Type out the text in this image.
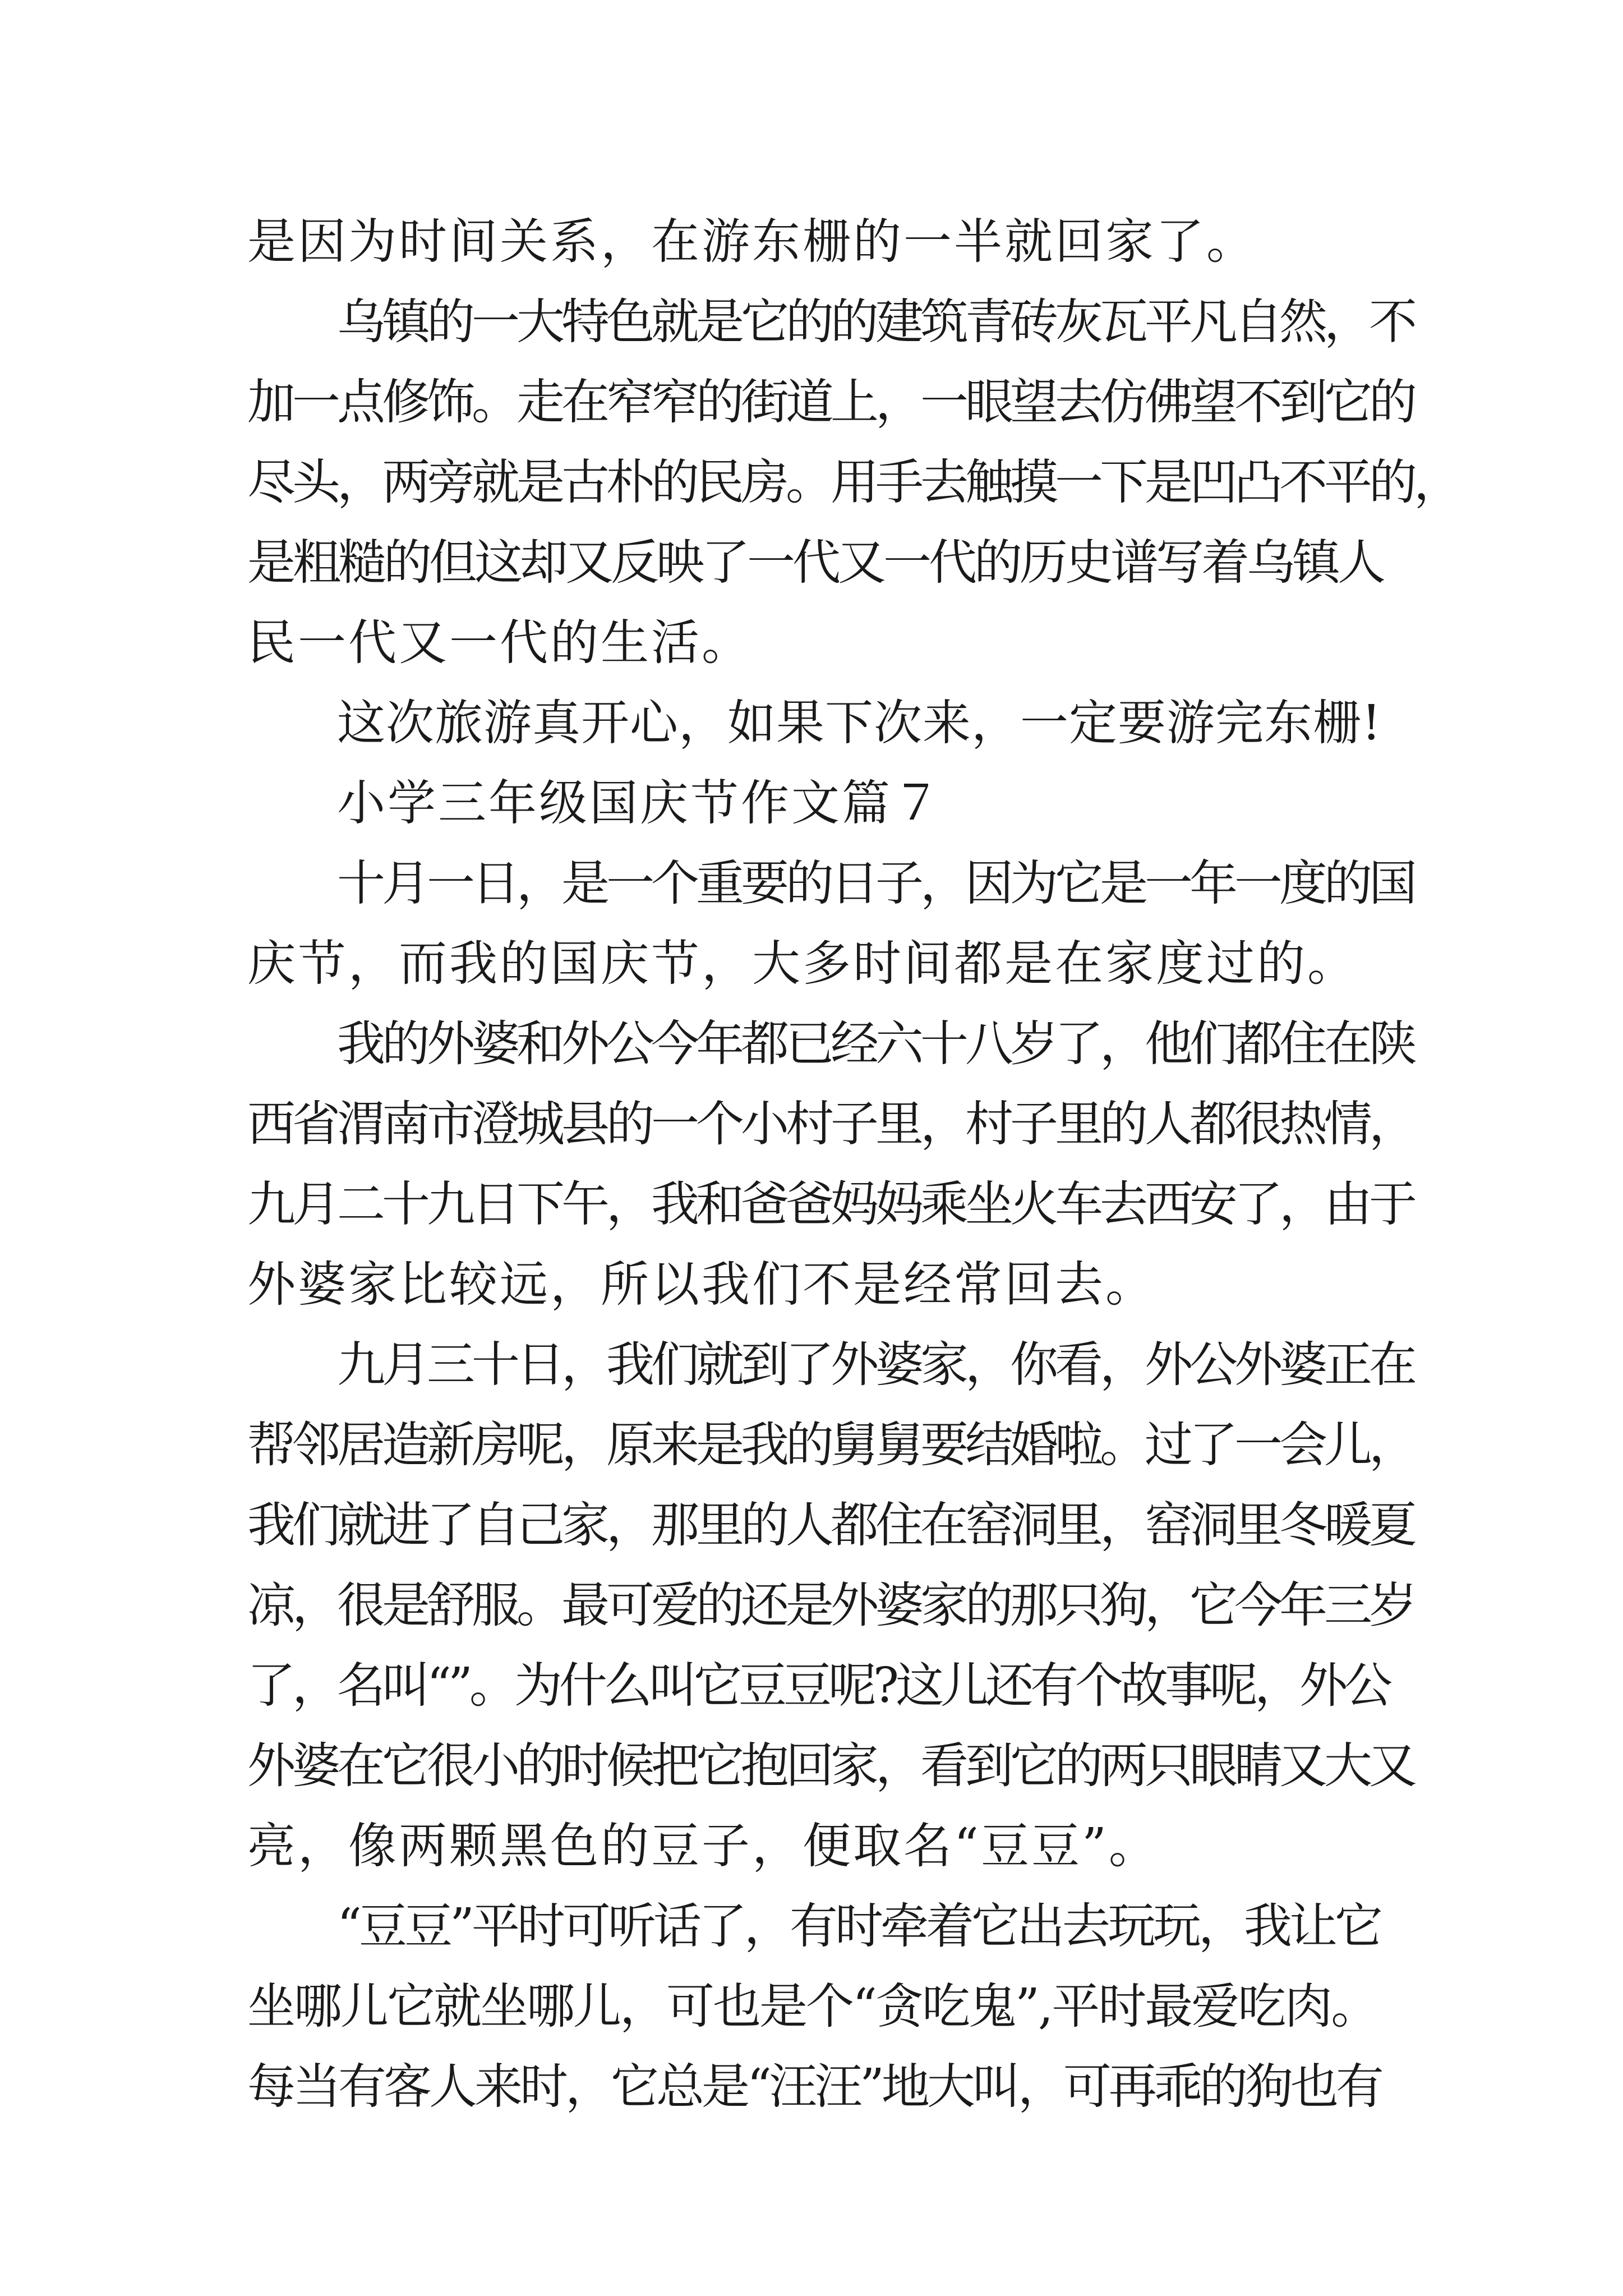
是因为时间关系，在游东栅的一半就回家了。
乌镇的一大特色就是它的的建筑青砖灰瓦平凡自然，不
加一点修饰。走在窄窄的街道上，一眼望去仿佛望不到它的
尽头，两旁就是古朴的民房。用手去触摸一下是凹凸不平的，
是粗糙的但这却又反映了一代又一代的历史谱写着乌镇人
民一代又一代的生活。
这次旅游真开心，如果下次来，一定要游完东栅!
小学三年级国庆节作文篇７
十月一日，是一个重要的日子，因为它是一年一度的国
庆节，而我的国庆节，大多时间都是在家度过的。
我的外婆和外公今年都已经六十八岁了，他们都住在陕
西省渭南市澄城县的一个小村子里，村子里的人都很热情，
九月二十九日下午，我和爸爸妈妈乘坐火车去西安了，由于
外婆家比较远，所以我们不是经常回去。
九月三十日，我们就到了外婆家，你看，外公外婆正在
帮邻居造新房呢，原来是我的舅舅要结婚啦。过了一会儿，
我们就进了自己家，那里的人都住在窑洞里，窑洞里冬暖夏
凉，很是舒服。最可爱的还是外婆家的那只狗，它今年三岁
了，名叫“”。为什么叫它豆豆呢?这儿还有个故事呢，外公
外婆在它很小的时候把它抱回家，看到它的两只眼睛又大又
亮，像两颗黑色的豆子，便取名“豆豆”。
“豆豆”平时可听话了，有时牵着它出去玩玩，我让它
坐哪儿它就坐哪儿，可也是个“贪吃鬼”,平时最爱吃肉。
每当有客人来时，它总是“汪汪”地大叫，可再乖的狗也有
